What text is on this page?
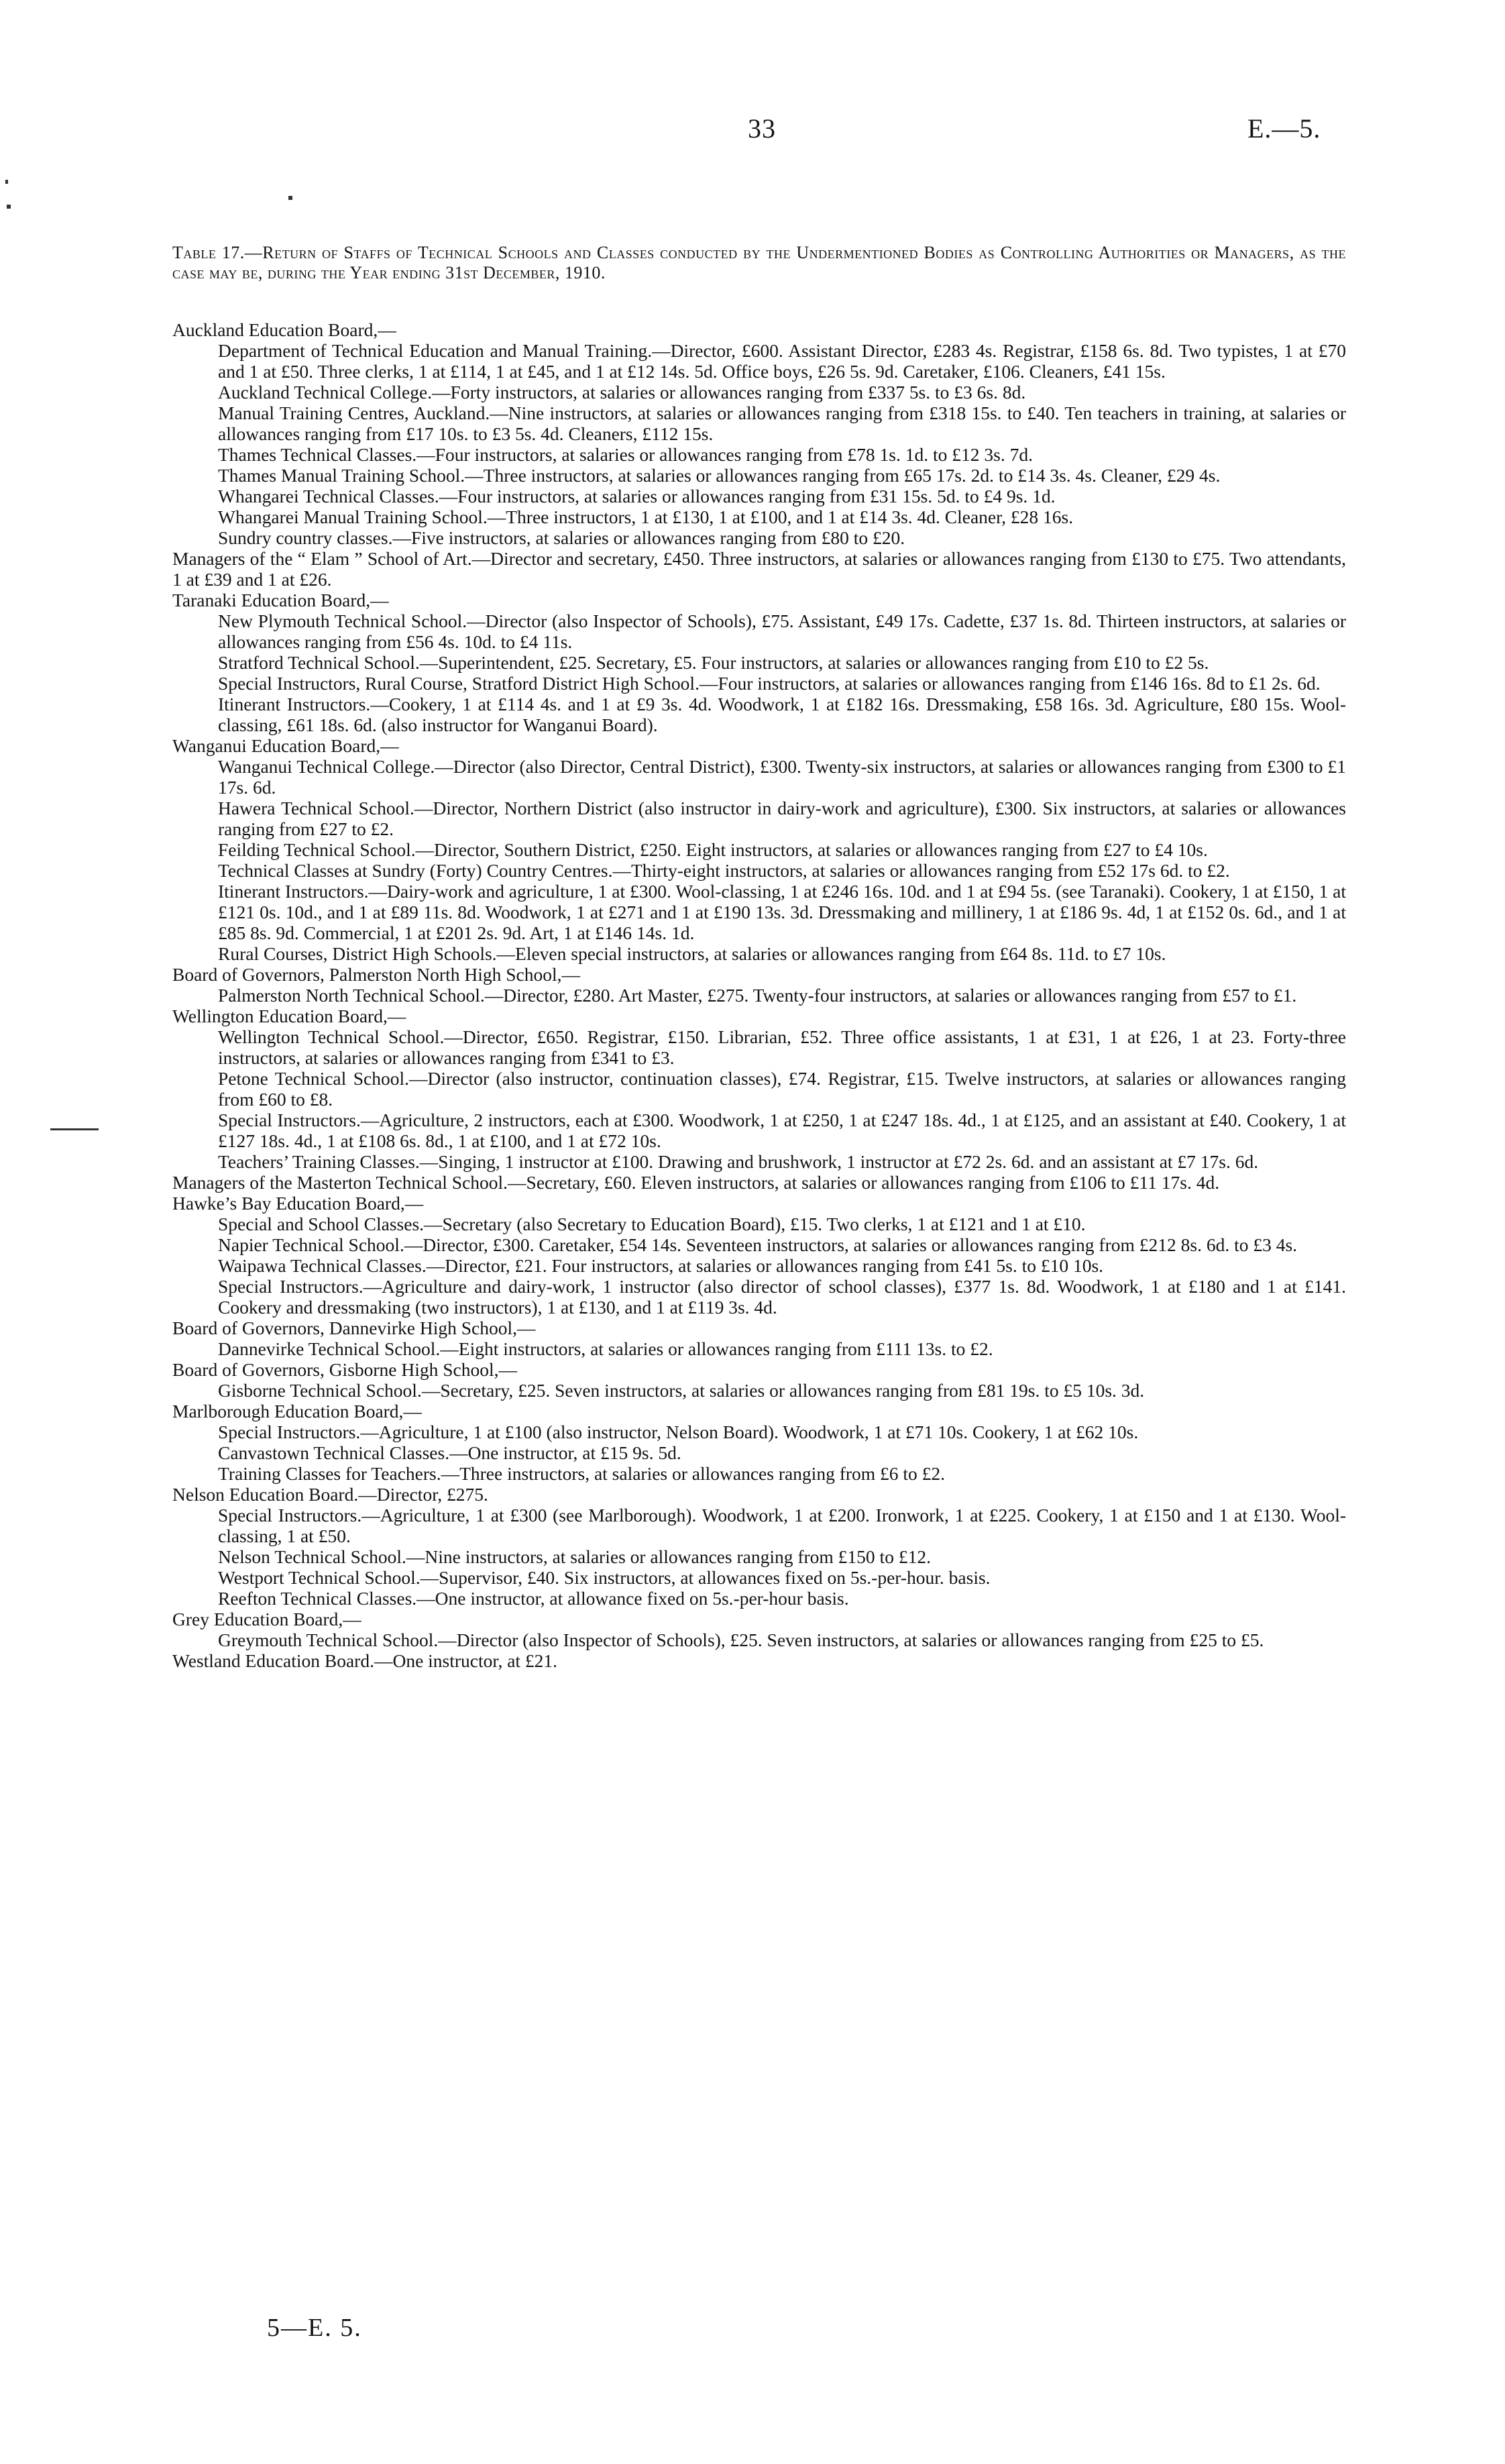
33	E.—5.
Table 17.—Return of Staffs of Technical Schools and Classes conducted by the Undermentioned Bodies as Controlling Authorities or Managers, as the case may be, during the Year ending 31st December, 1910.
Auckland Education Board,—
Department of Technical Education and Manual Training.—Director, £600. Assistant Director, £283 4s. Registrar, £158 6s. 8d. Two typistes, 1 at £70 and 1 at £50. Three clerks, 1 at £114, 1 at £45, and 1 at £12 14s. 5d. Office boys, £26 5s. 9d. Caretaker, £106. Cleaners, £41 15s.
Auckland Technical College.—Forty instructors, at salaries or allowances ranging from £337 5s. to £3 6s. 8d.
Manual Training Centres, Auckland.—Nine instructors, at salaries or allowances ranging from £318 15s. to £40. Ten teachers in training, at salaries or allowances ranging from £17 10s. to £3 5s. 4d. Cleaners, £112 15s.
Thames Technical Classes.—Four instructors, at salaries or allowances ranging from £78 1s. 1d. to £12 3s. 7d.
Thames Manual Training School.—Three instructors, at salaries or allowances ranging from £65 17s. 2d. to £14 3s. 4s. Cleaner, £29 4s.
Whangarei Technical Classes.—Four instructors, at salaries or allowances ranging from £31 15s. 5d. to £4 9s. 1d.
Whangarei Manual Training School.—Three instructors, 1 at £130, 1 at £100, and 1 at £14 3s. 4d. Cleaner, £28 16s.
Sundry country classes.—Five instructors, at salaries or allowances ranging from £80 to £20.
Managers of the “ Elam ” School of Art.—Director and secretary, £450. Three instructors, at salaries or allowances ranging from £130 to £75. Two attendants, 1 at £39 and 1 at £26.
Taranaki Education Board,—
New Plymouth Technical School.—Director (also Inspector of Schools), £75. Assistant, £49 17s. Cadette, £37 1s. 8d. Thirteen instructors, at salaries or allowances ranging from £56 4s. 10d. to £4 11s.
Stratford Technical School.—Superintendent, £25. Secretary, £5. Four instructors, at salaries or allowances ranging from £10 to £2 5s.
Special Instructors, Rural Course, Stratford District High School.—Four instructors, at salaries or allowances ranging from £146 16s. 8d to £1 2s. 6d.
Itinerant Instructors.—Cookery, 1 at £114 4s. and 1 at £9 3s. 4d. Woodwork, 1 at £182 16s. Dressmaking, £58 16s. 3d. Agriculture, £80 15s. Wool-classing, £61 18s. 6d. (also instructor for Wanganui Board).
Wanganui Education Board,—
Wanganui Technical College.—Director (also Director, Central District), £300. Twenty-six instructors, at salaries or allowances ranging from £300 to £1 17s. 6d.
Hawera Technical School.—Director, Northern District (also instructor in dairy-work and agriculture), £300. Six instructors, at salaries or allowances ranging from £27 to £2.
Feilding Technical School.—Director, Southern District, £250. Eight instructors, at salaries or allowances ranging from £27 to £4 10s.
Technical Classes at Sundry (Forty) Country Centres.—Thirty-eight instructors, at salaries or allowances ranging from £52 17s 6d. to £2.
Itinerant Instructors.—Dairy-work and agriculture, 1 at £300. Wool-classing, 1 at £246 16s. 10d. and 1 at £94 5s. (see Taranaki). Cookery, 1 at £150, 1 at £121 0s. 10d., and 1 at £89 11s. 8d. Woodwork, 1 at £271 and 1 at £190 13s. 3d. Dressmaking and millinery, 1 at £186 9s. 4d, 1 at £152 0s. 6d., and 1 at £85 8s. 9d. Commercial, 1 at £201 2s. 9d. Art, 1 at £146 14s. 1d.
Rural Courses, District High Schools.—Eleven special instructors, at salaries or allowances ranging from £64 8s. 11d. to £7 10s.
Board of Governors, Palmerston North High School,—
Palmerston North Technical School.—Director, £280. Art Master, £275. Twenty-four instructors, at salaries or allowances ranging from £57 to £1.
Wellington Education Board,—
Wellington Technical School.—Director, £650. Registrar, £150. Librarian, £52. Three office assistants, 1 at £31, 1 at £26, 1 at 23. Forty-three instructors, at salaries or allowances ranging from £341 to £3.
Petone Technical School.—Director (also instructor, continuation classes), £74. Registrar, £15. Twelve instructors, at salaries or allowances ranging from £60 to £8.
Special Instructors.—Agriculture, 2 instructors, each at £300. Woodwork, 1 at £250, 1 at £247 18s. 4d., 1 at £125, and an assistant at £40. Cookery, 1 at £127 18s. 4d., 1 at £108 6s. 8d., 1 at £100, and 1 at £72 10s.
Teachers’ Training Classes.—Singing, 1 instructor at £100. Drawing and brushwork, 1 instructor at £72 2s. 6d. and an assistant at £7 17s. 6d.
Managers of the Masterton Technical School.—Secretary, £60. Eleven instructors, at salaries or allowances ranging from £106 to £11 17s. 4d.
Hawke’s Bay Education Board,—
Special and School Classes.—Secretary (also Secretary to Education Board), £15. Two clerks, 1 at £121 and 1 at £10.
Napier Technical School.—Director, £300. Caretaker, £54 14s. Seventeen instructors, at salaries or allowances ranging from £212 8s. 6d. to £3 4s.
Waipawa Technical Classes.—Director, £21. Four instructors, at salaries or allowances ranging from £41 5s. to £10 10s.
Special Instructors.—Agriculture and dairy-work, 1 instructor (also director of school classes), £377 1s. 8d. Woodwork, 1 at £180 and 1 at £141. Cookery and dressmaking (two instructors), 1 at £130, and 1 at £119 3s. 4d.
Board of Governors, Dannevirke High School,—
Dannevirke Technical School.—Eight instructors, at salaries or allowances ranging from £111 13s. to £2.
Board of Governors, Gisborne High School,—
Gisborne Technical School.—Secretary, £25. Seven instructors, at salaries or allowances ranging from £81 19s. to £5 10s. 3d.
Marlborough Education Board,—
Special Instructors.—Agriculture, 1 at £100 (also instructor, Nelson Board). Woodwork, 1 at £71 10s. Cookery, 1 at £62 10s.
Canvastown Technical Classes.—One instructor, at £15 9s. 5d.
Training Classes for Teachers.—Three instructors, at salaries or allowances ranging from £6 to £2.
Nelson Education Board.—Director, £275.
Special Instructors.—Agriculture, 1 at £300 (see Marlborough). Woodwork, 1 at £200. Ironwork, 1 at £225. Cookery, 1 at £150 and 1 at £130. Wool-classing, 1 at £50.
Nelson Technical School.—Nine instructors, at salaries or allowances ranging from £150 to £12.
Westport Technical School.—Supervisor, £40. Six instructors, at allowances fixed on 5s.-per-hour. basis.
Reefton Technical Classes.—One instructor, at allowance fixed on 5s.-per-hour basis.
Grey Education Board,—
Greymouth Technical School.—Director (also Inspector of Schools), £25. Seven instructors, at salaries or allowances ranging from £25 to £5.
Westland Education Board.—One instructor, at £21.
5—E. 5.
